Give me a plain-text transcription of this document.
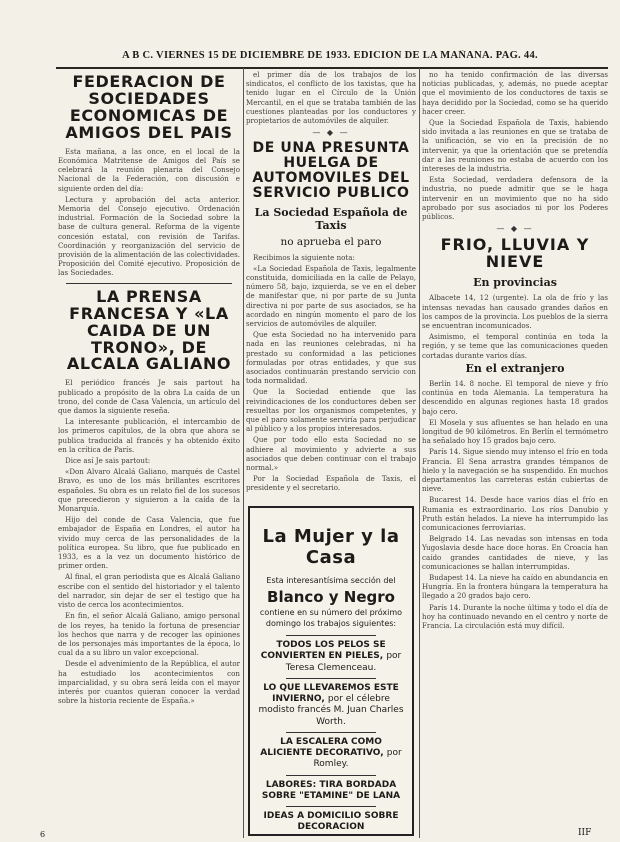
A B C. VIERNES 15 DE DICIEMBRE DE 1933. EDICION DE LA MAÑANA. PAG. 44.
FEDERACION DE SOCIEDADES ECONOMICAS DE AMIGOS DEL PAIS

Esta mañana, a las once, en el local de la Económica Matritense de Amigos del País se celebrará la reunión plenaria del Consejo Nacional de la Federación, con discusión e siguiente orden del día:

Lectura y aprobación del acta anterior. Memoria del Consejo ejecutivo. Ordenación industrial. Formación de la Sociedad sobre la base de cultura general. Reforma de la vigente concesión estatal, con revisión de Tarifas. Coordinación y reorganización del servicio de provisión de la alimentación de las colectividades. Proposición del Comité ejecutivo. Proposición de las Sociedades.

LA PRENSA FRANCESA Y «LA CAIDA DE UN TRONO», DE ALCALA GALIANO

El periódico francés Je sais partout ha publicado a propósito de la obra La caída de un trono, del conde de Casa Valencia, un artículo del que damos la siguiente reseña.

La interesante publicación, el intercambio de los primeros capítulos, de la obra que ahora se publica traducida al francés y ha obtenido éxito en la crítica de París.

Dice así Je sais partout:

«Don Alvaro Alcalá Galiano, marqués de Castel Bravo, es uno de los más brillantes escritores españoles. Su obra es un relato fiel de los sucesos que precedieron y siguieron a la caída de la Monarquía.

Hijo del conde de Casa Valencia, que fue embajador de España en Londres, el autor ha vivido muy cerca de las personalidades de la política europea. Su libro, que fue publicado en 1933, es a la vez un documento histórico de primer orden.

Al final, el gran periodista que es Alcalá Galiano escribe con el sentido del historiador y el talento del narrador, sin dejar de ser el testigo que ha visto de cerca los acontecimientos.

En fin, el señor Alcalá Galiano, amigo personal de los reyes, ha tenido la fortuna de presenciar los hechos que narra y de recoger las opiniones de los personajes más importantes de la época, lo cual da a su libro un valor excepcional.

Desde el advenimiento de la República, el autor ha estudiado los acontecimientos con imparcialidad, y su obra será leída con el mayor interés por cuantos quieran conocer la verdad sobre la historia reciente de España.»

el primer día de los trabajos de los sindicatos, el conflicto de los taxistas, que ha tenido lugar en el Círculo de la Unión Mercantil, en el que se trataba también de las cuestiones planteadas por los conductores y propietarios de automóviles de alquiler.

— ◆ —
DE UNA PRESUNTA HUELGA DE AUTOMOVILES DEL SERVICIO PUBLICO
La Sociedad Española de Taxis
no aprueba el paro

Recibimos la siguiente nota:

«La Sociedad Española de Taxis, legalmente constituida, domiciliada en la calle de Pelayo, número 58, bajo, izquierda, se ve en el deber de manifestar que, ni por parte de su Junta directiva ni por parte de sus asociados, se ha acordado en ningún momento el paro de los servicios de automóviles de alquiler.

Que esta Sociedad no ha intervenido para nada en las reuniones celebradas, ni ha prestado su conformidad a las peticiones formuladas por otras entidades, y que sus asociados continuarán prestando servicio con toda normalidad.

Que la Sociedad entiende que las reivindicaciones de los conductores deben ser resueltas por los organismos competentes, y que el paro solamente serviría para perjudicar al público y a los propios interesados.

Que por todo ello esta Sociedad no se adhiere al movimiento y advierte a sus asociados que deben continuar con el trabajo normal.»

Por la Sociedad Española de Taxis, el presidente y el secretario.

La Mujer y la Casa
Esta interesantísima sección del
Blanco y Negro
contiene en su número del próximo domingo los trabajos siguientes:
TODOS LOS PELOS SE CONVIERTEN EN PIELES, por Teresa Clemenceau.
LO QUE LLEVAREMOS ESTE INVIERNO, por el célebre modisto francés M. Juan Charles Worth.
LA ESCALERA COMO ALICIENTE DECORATIVO, por Romley.
LABORES: TIRA BORDADA SOBRE "ETAMINE" DE LANA
IDEAS A DOMICILIO SOBRE DECORACION

no ha tenido confirmación de las diversas noticias publicadas, y, además, no puede aceptar que el movimiento de los conductores de taxis se haya decidido por la Sociedad, como se ha querido hacer creer.

Que la Sociedad Española de Taxis, habiendo sido invitada a las reuniones en que se trataba de la unificación, se vio en la precisión de no intervenir, ya que la orientación que se pretendía dar a las reuniones no estaba de acuerdo con los intereses de la industria.

Esta Sociedad, verdadera defensora de la industria, no puede admitir que se le haga intervenir en un movimiento que no ha sido aprobado por sus asociados ni por los Poderes públicos.

— ◆ —
FRIO, LLUVIA Y NIEVE
En provincias

Albacete 14, 12 (urgente). La ola de frío y las intensas nevadas han causado grandes daños en los campos de la provincia. Los pueblos de la sierra se encuentran incomunicados.

Asimismo, el temporal continúa en toda la región, y se teme que las comunicaciones queden cortadas durante varios días.

En el extranjero

Berlín 14. 8 noche. El temporal de nieve y frío continúa en toda Alemania. La temperatura ha descendido en algunas regiones hasta 18 grados bajo cero.

El Mosela y sus afluentes se han helado en una longitud de 90 kilómetros. En Berlín el termómetro ha señalado hoy 15 grados bajo cero.

París 14. Sigue siendo muy intenso el frío en toda Francia. El Sena arrastra grandes témpanos de hielo y la navegación se ha suspendido. En muchos departamentos las carreteras están cubiertas de nieve.

Bucarest 14. Desde hace varios días el frío en Rumania es extraordinario. Los ríos Danubio y Pruth están helados. La nieve ha interrumpido las comunicaciones ferroviarias.

Belgrado 14. Las nevadas son intensas en toda Yugoslavia desde hace doce horas. En Croacia han caído grandes cantidades de nieve, y las comunicaciones se hallan interrumpidas.

Budapest 14. La nieve ha caído en abundancia en Hungría. En la frontera húngara la temperatura ha llegado a 20 grados bajo cero.

París 14. Durante la noche última y todo el día de hoy ha continuado nevando en el centro y norte de Francia. La circulación está muy difícil.

6	IIF
